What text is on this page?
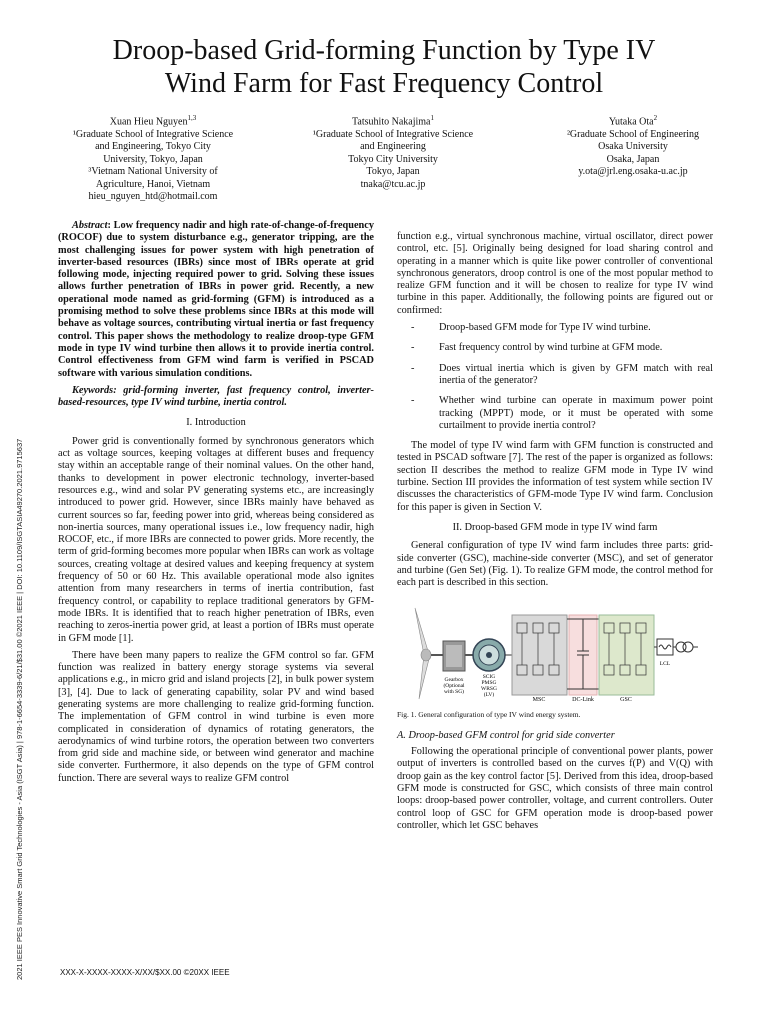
Droop-based Grid-forming Function by Type IV
Wind Farm for Fast Frequency Control
Xuan Hieu Nguyen$^{1,3}$
¹Graduate School of Integrative Science
and Engineering, Tokyo City
University, Tokyo, Japan
³Vietnam National University of
Agriculture, Hanoi, Vietnam
hieu_nguyen_htd@hotmail.com
Tatsuhito Nakajima$^1$
¹Graduate School of Integrative Science
and Engineering
Tokyo City University
Tokyo, Japan
tnaka@tcu.ac.jp
Yutaka Ota$^2$
²Graduate School of Engineering
Osaka University
Osaka, Japan
y.ota@jrl.eng.osaka-u.ac.jp
2021 IEEE PES Innovative Smart Grid Technologies - Asia (ISGT Asia) | 978-1-6654-3339-6/21/$31.00 ©2021 IEEE | DOI: 10.1109/ISGTASIA49270.2021.9715637

Abstract: Low frequency nadir and high rate-of-change-of-frequency (ROCOF) due to system disturbance e.g., generator tripping, are the most challenging issues for power system with high penetration of inverter-based resources (IBRs) since most of IBRs operate at grid following mode, injecting required power to grid. Solving these issues allows further penetration of IBRs in power grid. Recently, a new operational mode named as grid-forming (GFM) is introduced as a promising method to solve these problems since IBRs at this mode will behave as voltage sources, contributing virtual inertia or fast frequency control. This paper shows the methodology to realize droop-type GFM mode in type IV wind turbine then allows it to provide inertia control. Control effectiveness from GFM wind farm is verified in PSCAD software with various simulation conditions.

Keywords: grid-forming inverter, fast frequency control, inverter-based-resources, type IV wind turbine, inertia control.

I. Introduction

Power grid is conventionally formed by synchronous generators which act as voltage sources, keeping voltages at different buses and frequency stay within an acceptable range of their nominal values. On the other hand, thanks to development in power electronic technology, inverter-based resources e.g., wind and solar PV generating systems etc., are increasingly introduced to power grid. However, since IBRs mainly have behaved as current sources so far, feeding power into grid, whereas being considered as non-inertia sources, many operational issues i.e., low frequency nadir, high ROCOF, etc., if more IBRs are connected to power grids. More recently, the term of grid-forming becomes more popular when IBRs can work as voltage sources, creating voltage at desired values and keeping frequency at system frequency of 50 or 60 Hz. This available operational mode also ignites attention from many researchers in terms of inertia contribution, fast frequency control, or capability to replace traditional generators by GFM-mode IBRs. It is identified that to reach higher penetration of IBRs, even reaching to zeros-inertia power grid, at least a portion of IBRs must operate in GFM mode [1].

There have been many papers to realize the GFM control so far. GFM function was realized in battery energy storage systems via several applications e.g., in micro grid and island projects [2], in bulk power system [3], [4]. Due to lack of generating capability, solar PV and wind based generating systems are more challenging to realize grid-forming function. The implementation of GFM control in wind turbine is even more complicated in consideration of dynamics of rotating generators, the aerodynamics of wind turbine rotors, the operation between two converters from grid side and machine side, or between wind generator and machine side converter. Furthermore, it also depends on the type of GFM control function. There are several ways to realize GFM control

function e.g., virtual synchronous machine, virtual oscillator, direct power control, etc. [5]. Originally being designed for load sharing control and operating in a manner which is quite like power controller of conventional synchronous generators, droop control is one of the most popular method to realize GFM function and it will be chosen to realize for type IV wind turbine in this paper. Additionally, the following points are figured out or confirmed:

- Droop-based GFM mode for Type IV wind turbine.
- Fast frequency control by wind turbine at GFM mode.
- Does virtual inertia which is given by GFM match with real inertia of the generator?
- Whether wind turbine can operate in maximum power point tracking (MPPT) mode, or it must be operated with some curtailment to provide inertia control?

The model of type IV wind farm with GFM function is constructed and tested in PSCAD software [7]. The rest of the paper is organized as follows: section II describes the method to realize GFM mode in Type IV wind turbine. Section III provides the information of test system while section IV discusses the characteristics of GFM-mode Type IV wind farm. Conclusion for this paper is given in Section V.

II. Droop-based GFM mode in type IV wind farm

General configuration of type IV wind farm includes three parts: grid-side converter (GSC), machine-side converter (MSC), and set of generator and turbine (Gen Set) (Fig. 1). To realize GFM mode, the control method for each part is described in this section.

Gearbox
(Optional
with SG)
SCIG
PMSG
WRSG
(LV)
MSC	DC-Link	GSC
LCL
Fig. 1. General configuration of type IV wind energy system.
A. Droop-based GFM control for grid side converter

Following the operational principle of conventional power plants, power output of inverters is controlled based on the curves f(P) and V(Q) with droop gain as the key control factor [5]. Derived from this idea, droop-based GFM mode is constructed for GSC, which consists of three main control loops: droop-based power controller, voltage, and current controllers. Outer control loop of GSC for GFM operation mode is droop-based power controller, which let GSC behaves

XXX-X-XXXX-XXXX-X/XX/$XX.00 ©20XX IEEE
